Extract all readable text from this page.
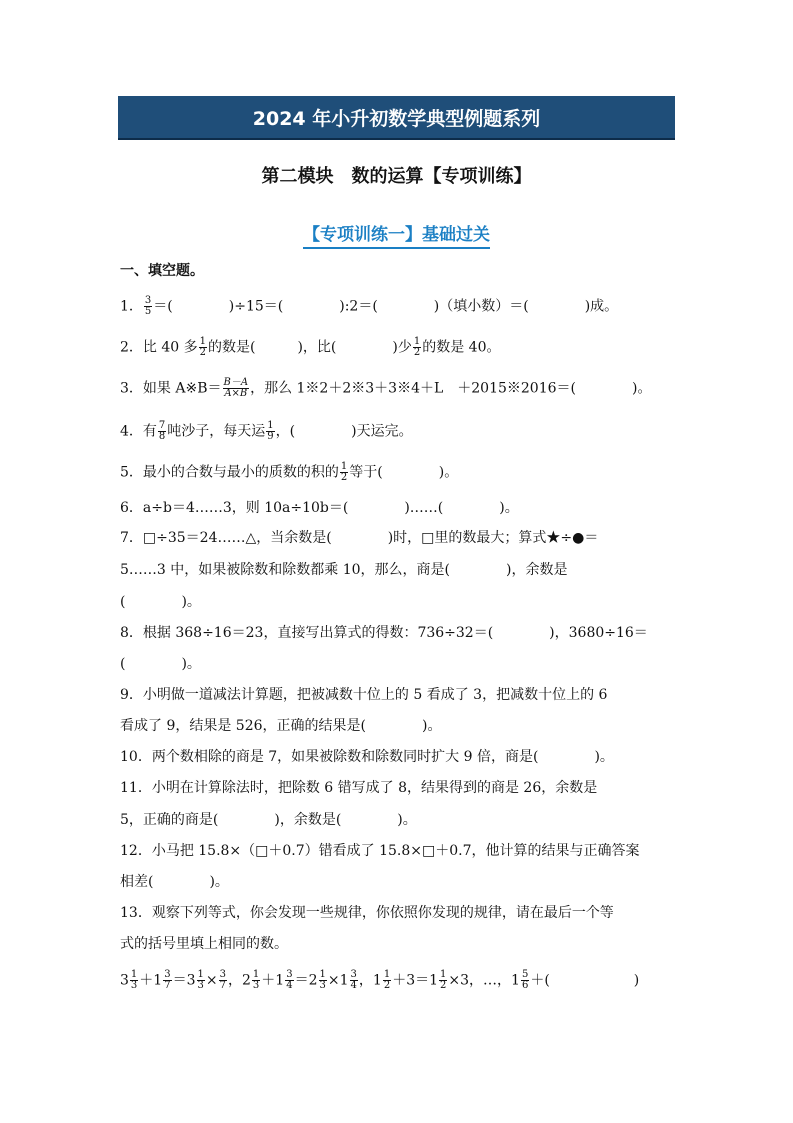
2024 年小升初数学典型例题系列
第二模块　数的运算【专项训练】
【专项训练一】基础过关
一、填空题。
1． $\frac{3}{5}$ ＝(　　　　)÷15＝(　　　　):2＝(　　　　)（填小数）＝(　　　　)成。
2．比 40 多 $\frac{1}{2}$ 的数是(　　　)，比(　　　　)少 $\frac{1}{2}$ 的数是 40。
3．如果 A※B＝ $\frac{B-A}{A\times B}$ ，那么 1※2＋2※3＋3※4＋L　＋2015※2016＝(　　　　)。
4．有 $\frac{7}{8}$ 吨沙子，每天运 $\frac{1}{9}$ ，(　　　　)天运完。
5．最小的合数与最小的质数的积的 $\frac{1}{2}$ 等于(　　　　)。
6．a÷b＝4……3，则 10a÷10b＝(　　　　)……(　　　　)。
7．□÷35＝24……△，当余数是(　　　　)时，□里的数最大；算式★÷●＝
5……3 中，如果被除数和除数都乘 10，那么，商是(　　　　)，余数是
(　　　　)。
8．根据 368÷16＝23，直接写出算式的得数：736÷32＝(　　　　)，3680÷16＝
(　　　　)。
9．小明做一道减法计算题，把被减数十位上的 5 看成了 3，把减数十位上的 6
看成了 9，结果是 526，正确的结果是(　　　　)。
10．两个数相除的商是 7，如果被除数和除数同时扩大 9 倍，商是(　　　　)。
11．小明在计算除法时，把除数 6 错写成了 8，结果得到的商是 26，余数是
5，正确的商是(　　　　)，余数是(　　　　)。
12．小马把 15.8×（□＋0.7）错看成了 15.8×□＋0.7，他计算的结果与正确答案
相差(　　　　)。
13．观察下列等式，你会发现一些规律，你依照你发现的规律，请在最后一个等
式的括号里填上相同的数。
$3 \frac{1}{3} +1 \frac{3}{7} =3 \frac{1}{3} \times \frac{3}{7}$ ，$2 \frac{1}{3} +1 \frac{3}{4} =2 \frac{1}{3} \times 1 \frac{3}{4}$ ，$1 \frac{1}{2} +3=1 \frac{1}{2} \times 3$，…，$1 \frac{5}{6}$ ＋(　　　　　　)
